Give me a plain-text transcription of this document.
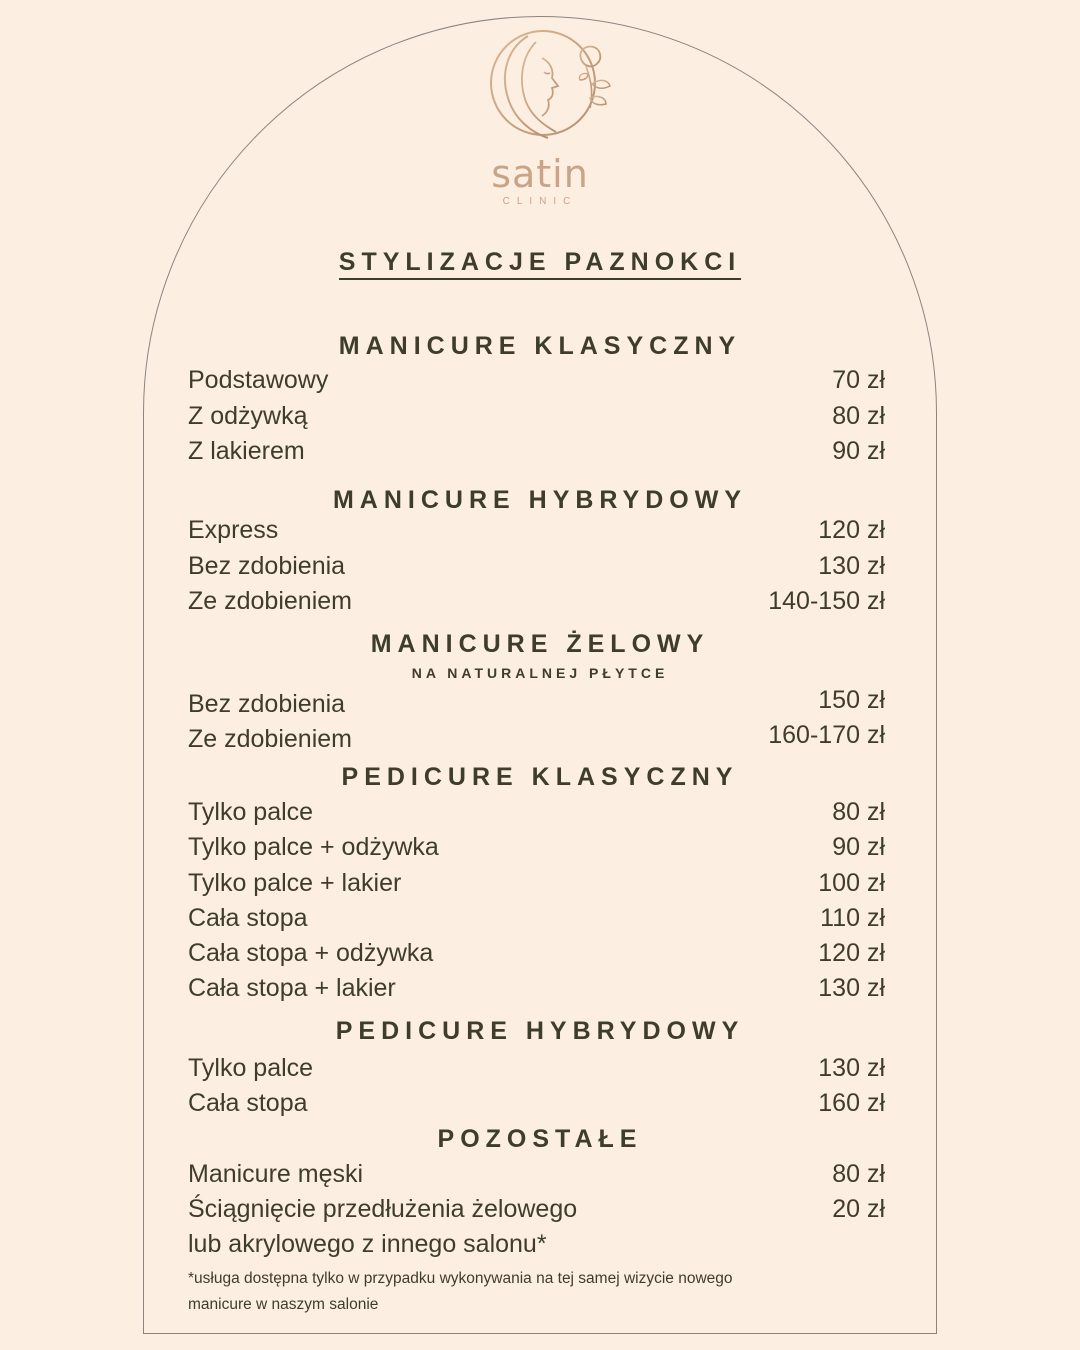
satin
CLINIC
STYLIZACJE PAZNOKCI
MANICURE KLASYCZNY
Podstawowy	70 zł
Z odżywką	80 zł
Z lakierem	90 zł
MANICURE HYBRYDOWY
Express	120 zł
Bez zdobienia	130 zł
Ze zdobieniem	140-150 zł
MANICURE ŻELOWY
NA NATURALNEJ PŁYTCE
Bez zdobienia	150 zł
Ze zdobieniem	160-170 zł
PEDICURE KLASYCZNY
Tylko palce	80 zł
Tylko palce + odżywka	90 zł
Tylko palce + lakier	100 zł
Cała stopa	110 zł
Cała stopa + odżywka	120 zł
Cała stopa + lakier	130 zł
PEDICURE HYBRYDOWY
Tylko palce	130 zł
Cała stopa	160 zł
POZOSTAŁE
Manicure męski	80 zł
Ściągnięcie przedłużenia żelowego	20 zł
lub akrylowego z innego salonu*
*usługa dostępna tylko w przypadku wykonywania na tej samej wizycie nowego manicure w naszym salonie
